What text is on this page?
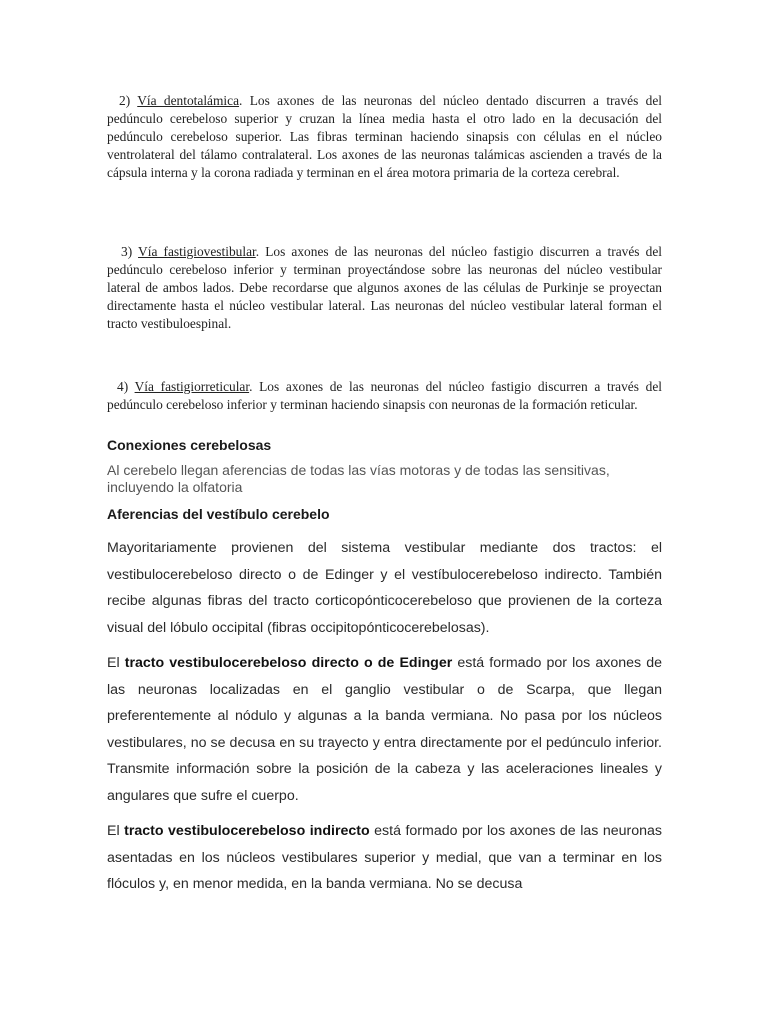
2) Vía dentotalámica. Los axones de las neuronas del núcleo dentado discurren a través del pedúnculo cerebeloso superior y cruzan la línea media hasta el otro lado en la decusación del pedúnculo cerebeloso superior. Las fibras terminan haciendo sinapsis con células en el núcleo ventrolateral del tálamo contralateral. Los axones de las neuronas talámicas ascienden a través de la cápsula interna y la corona radiada y terminan en el área motora primaria de la corteza cerebral.
3) Vía fastigiovestibular. Los axones de las neuronas del núcleo fastigio discurren a través del pedúnculo cerebeloso inferior y terminan proyectándose sobre las neuronas del núcleo vestibular lateral de ambos lados. Debe recordarse que algunos axones de las células de Purkinje se proyectan directamente hasta el núcleo vestibular lateral. Las neuronas del núcleo vestibular lateral forman el tracto vestibuloespinal.
4) Vía fastigiorreticular. Los axones de las neuronas del núcleo fastigio discurren a través del pedúnculo cerebeloso inferior y terminan haciendo sinapsis con neuronas de la formación reticular.
Conexiones cerebelosas
Al cerebelo llegan aferencias de todas las vías motoras y de todas las sensitivas, incluyendo la olfatoria
Aferencias del vestíbulo cerebelo
Mayoritariamente provienen del sistema vestibular mediante dos tractos: el vestibulocerebeloso directo o de Edinger y el vestíbulocerebeloso indirecto. También recibe algunas fibras del tracto corticopónticocerebeloso que provienen de la corteza visual del lóbulo occipital (fibras occipitopónticocerebelosas).
El tracto vestibulocerebeloso directo o de Edinger está formado por los axones de las neuronas localizadas en el ganglio vestibular o de Scarpa, que llegan preferentemente al nódulo y algunas a la banda vermiana. No pasa por los núcleos vestibulares, no se decusa en su trayecto y entra directamente por el pedúnculo inferior. Transmite información sobre la posición de la cabeza y las aceleraciones lineales y angulares que sufre el cuerpo.
El tracto vestibulocerebeloso indirecto está formado por los axones de las neuronas asentadas en los núcleos vestibulares superior y medial, que van a terminar en los flóculos y, en menor medida, en la banda vermiana. No se decusa
